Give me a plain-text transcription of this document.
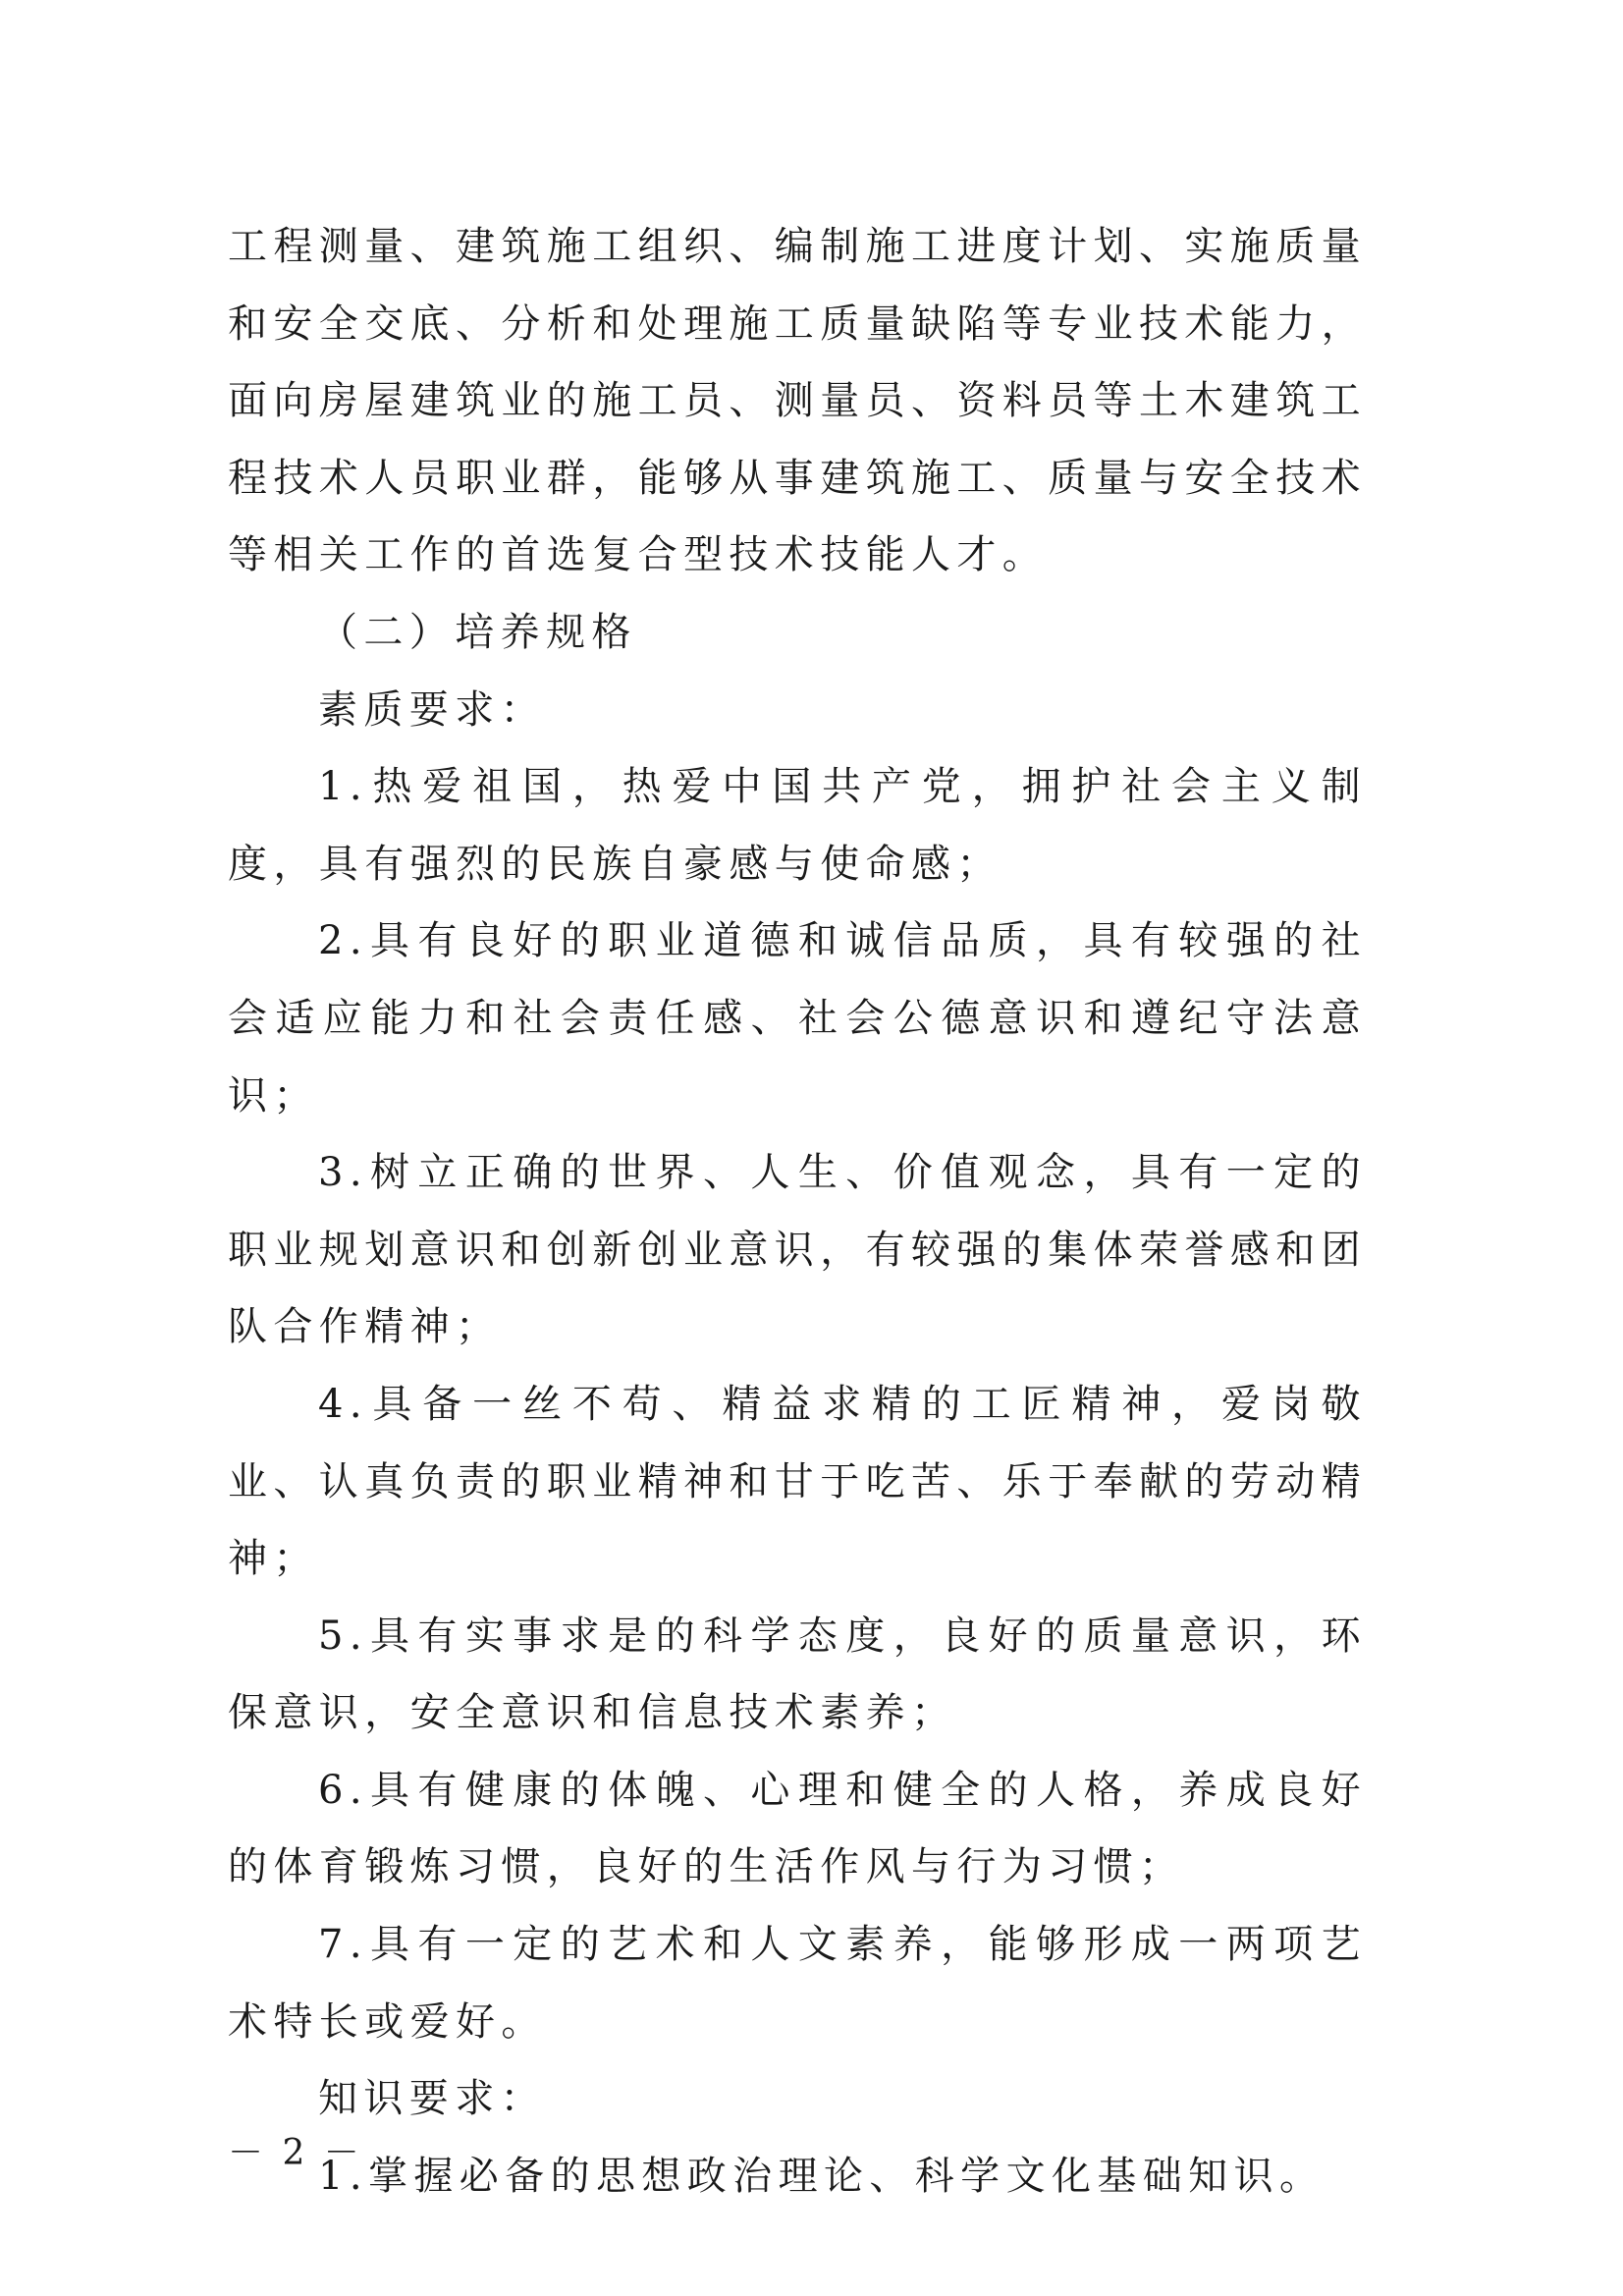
工程测量、建筑施工组织、编制施工进度计划、实施质量和安全交底、分析和处理施工质量缺陷等专业技术能力，面向房屋建筑业的施工员、测量员、资料员等土木建筑工程技术人员职业群，能够从事建筑施工、质量与安全技术等相关工作的首选复合型技术技能人才。

（二）培养规格

素质要求：

1.热爱祖国，热爱中国共产党，拥护社会主义制度，具有强烈的民族自豪感与使命感；

2.具有良好的职业道德和诚信品质，具有较强的社会适应能力和社会责任感、社会公德意识和遵纪守法意识；

3.树立正确的世界、人生、价值观念，具有一定的职业规划意识和创新创业意识，有较强的集体荣誉感和团队合作精神；

4.具备一丝不苟、精益求精的工匠精神，爱岗敬业、认真负责的职业精神和甘于吃苦、乐于奉献的劳动精神；

5.具有实事求是的科学态度，良好的质量意识，环保意识，安全意识和信息技术素养；

6.具有健康的体魄、心理和健全的人格，养成良好的体育锻炼习惯，良好的生活作风与行为习惯；

7.具有一定的艺术和人文素养，能够形成一两项艺术特长或爱好。

知识要求：

1.掌握必备的思想政治理论、科学文化基础知识。

－ 2 －
